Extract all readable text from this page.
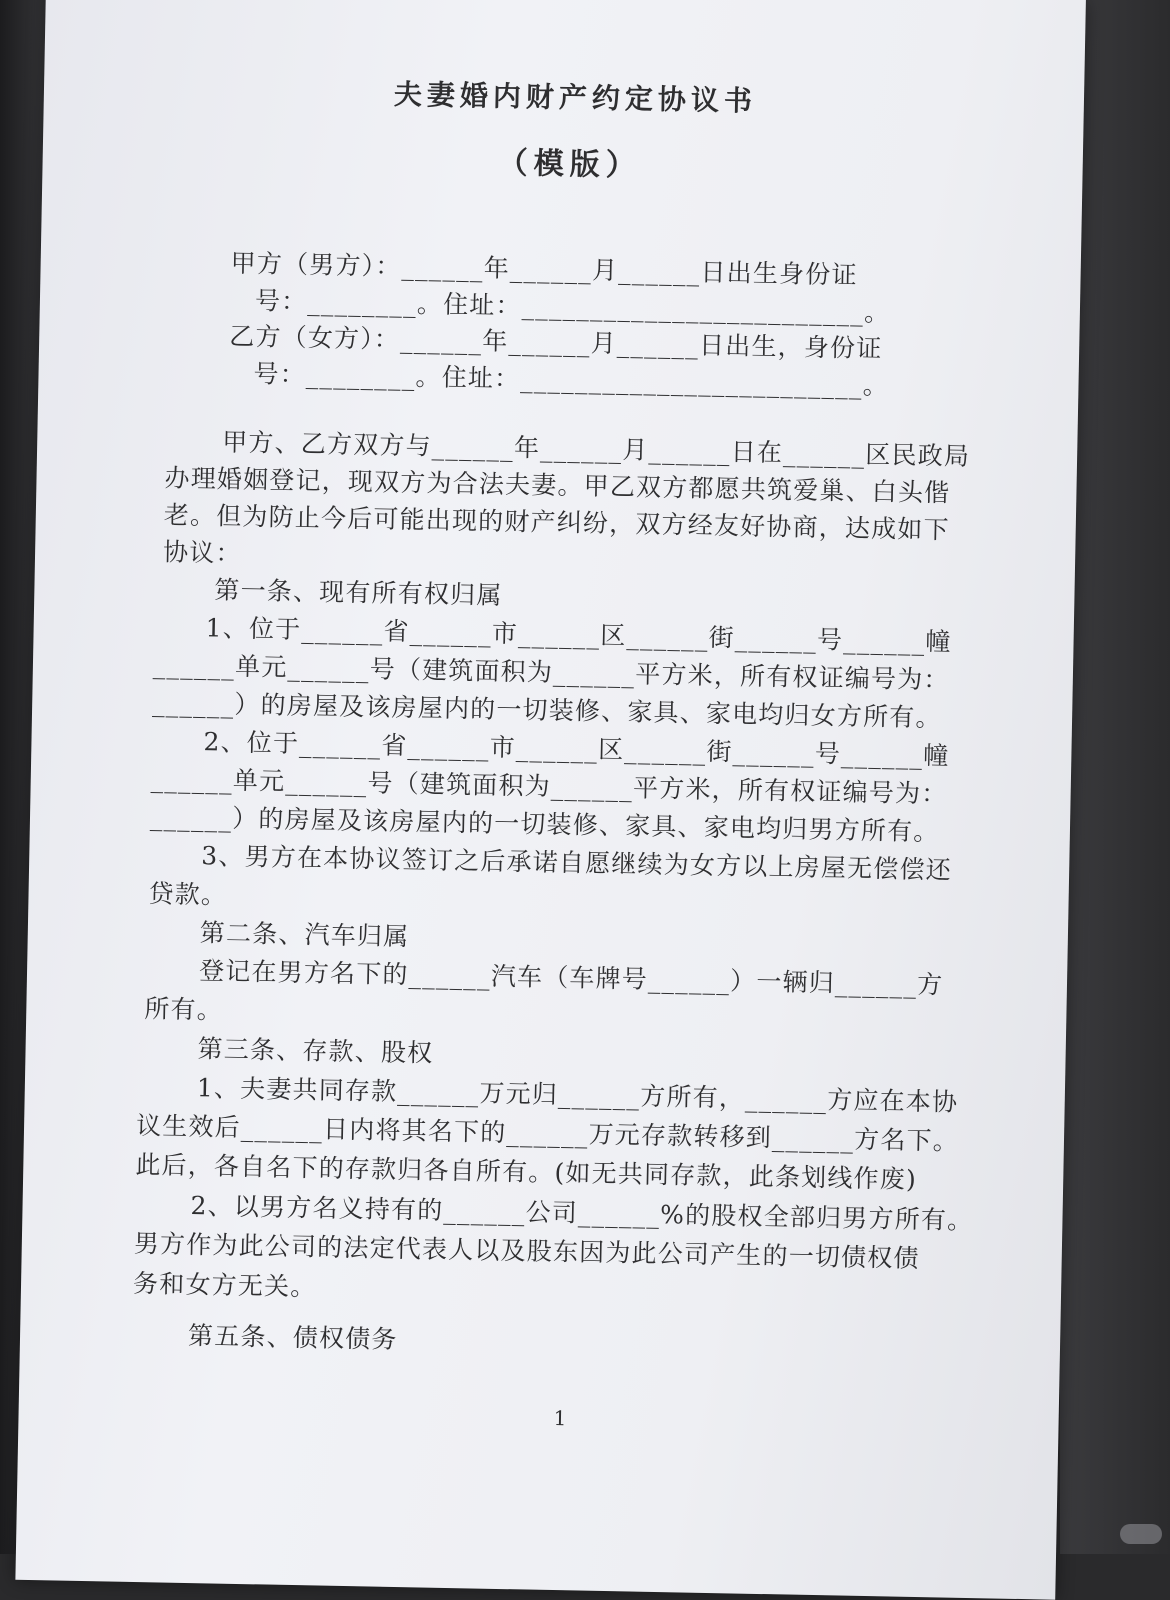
夫妻婚内财产约定协议书
（模版）
甲方（男方）：______年______月______日出生身份证
号：________。住址：_________________________。
乙方（女方）：______年______月______日出生，身份证
号：________。住址：_________________________。
甲方、乙方双方与______年______月______日在______区民政局
办理婚姻登记，现双方为合法夫妻。甲乙双方都愿共筑爱巢、白头偕
老。但为防止今后可能出现的财产纠纷，双方经友好协商，达成如下
协议：
第一条、现有所有权归属
1、位于______省______市______区______街______号______幢
______单元______号（建筑面积为______平方米，所有权证编号为：
______）的房屋及该房屋内的一切装修、家具、家电均归女方所有。
2、位于______省______市______区______街______号______幢
______单元______号（建筑面积为______平方米，所有权证编号为：
______）的房屋及该房屋内的一切装修、家具、家电均归男方所有。
3、男方在本协议签订之后承诺自愿继续为女方以上房屋无偿偿还
贷款。
第二条、汽车归属
登记在男方名下的______汽车（车牌号______）一辆归______方
所有。
第三条、存款、股权
1、夫妻共同存款______万元归______方所有，______方应在本协
议生效后______日内将其名下的______万元存款转移到______方名下。
此后，各自名下的存款归各自所有。(如无共同存款，此条划线作废)
2、以男方名义持有的______公司______%的股权全部归男方所有。
男方作为此公司的法定代表人以及股东因为此公司产生的一切债权债
务和女方无关。
第五条、债权债务
1
